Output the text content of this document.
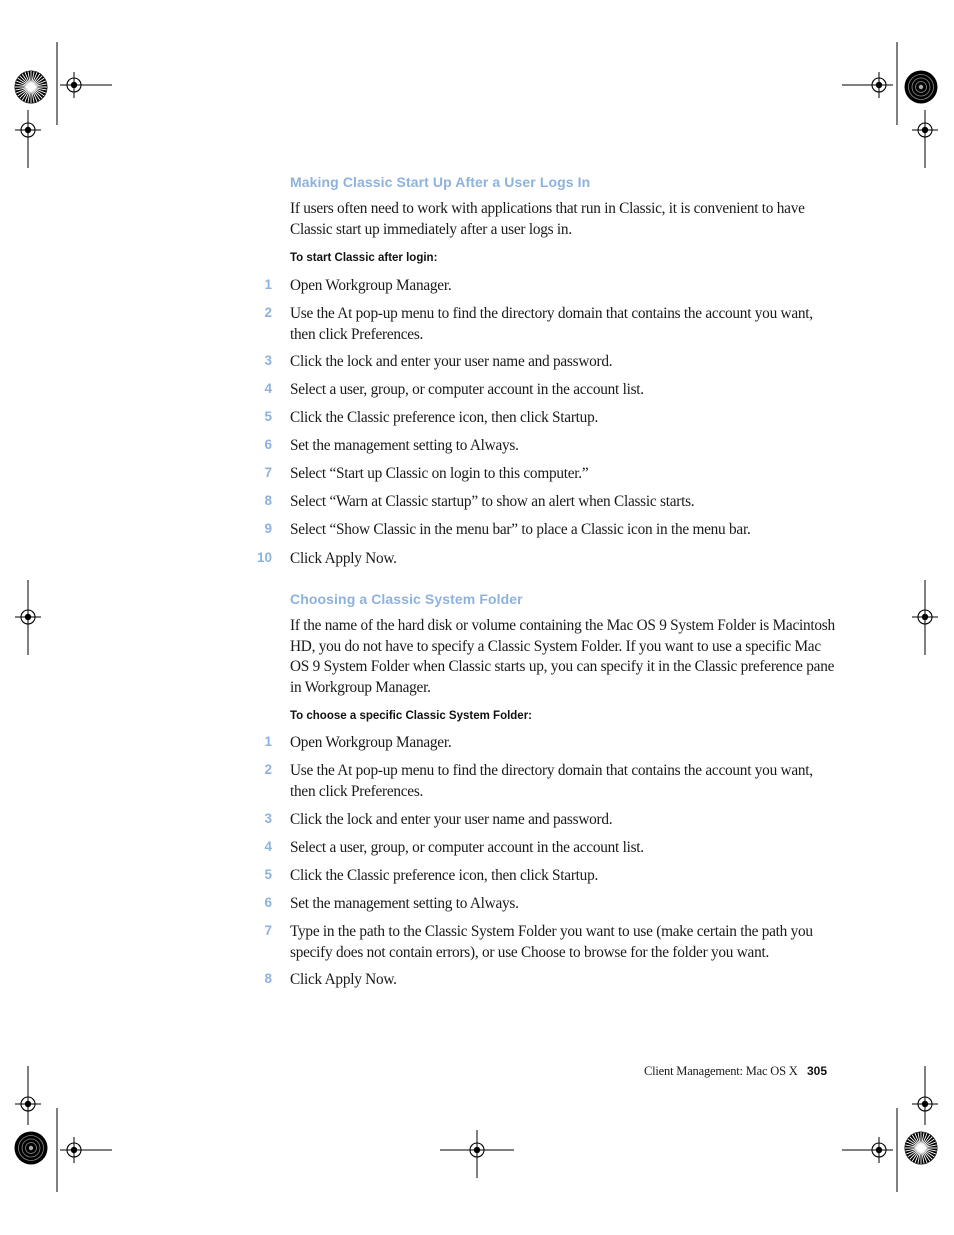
Making Classic Start Up After a User Logs In

If users often need to work with applications that run in Classic, it is convenient to have Classic start up immediately after a user logs in.

To start Classic after login:
1 Open Workgroup Manager.
2 Use the At pop-up menu to find the directory domain that contains the account you want, then click Preferences.
3 Click the lock and enter your user name and password.
4 Select a user, group, or computer account in the account list.
5 Click the Classic preference icon, then click Startup.
6 Set the management setting to Always.
7 Select “Start up Classic on login to this computer.”
8 Select “Warn at Classic startup” to show an alert when Classic starts.
9 Select “Show Classic in the menu bar” to place a Classic icon in the menu bar.
10 Click Apply Now.
Choosing a Classic System Folder

If the name of the hard disk or volume containing the Mac OS 9 System Folder is Macintosh HD, you do not have to specify a Classic System Folder. If you want to use a specific Mac OS 9 System Folder when Classic starts up, you can specify it in the Classic preference pane in Workgroup Manager.

To choose a specific Classic System Folder:
1 Open Workgroup Manager.
2 Use the At pop-up menu to find the directory domain that contains the account you want, then click Preferences.
3 Click the lock and enter your user name and password.
4 Select a user, group, or computer account in the account list.
5 Click the Classic preference icon, then click Startup.
6 Set the management setting to Always.
7 Type in the path to the Classic System Folder you want to use (make certain the path you specify does not contain errors), or use Choose to browse for the folder you want.
8 Click Apply Now.
Client Management: Mac OS X 305
